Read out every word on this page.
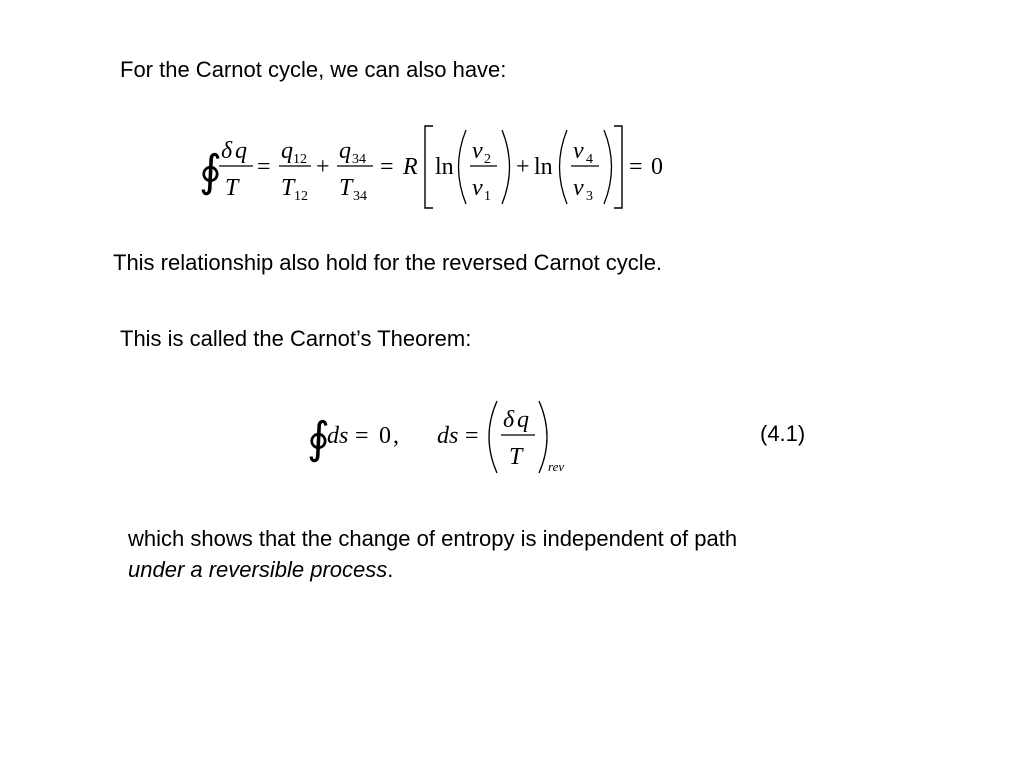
For the Carnot cycle, we can also have:
∮ δ q
T
=
q 12
T 12
+
q 34
T 34
= R ln
v 2
v 1
+ ln
v 4
v 3
= 0
This relationship also hold for the reversed Carnot cycle.
This is called the Carnot’s Theorem:
∮
ds = 0 , ds =
δ q
T rev
(4.1)
which shows that the change of entropy is independent of path
under a reversible process.
